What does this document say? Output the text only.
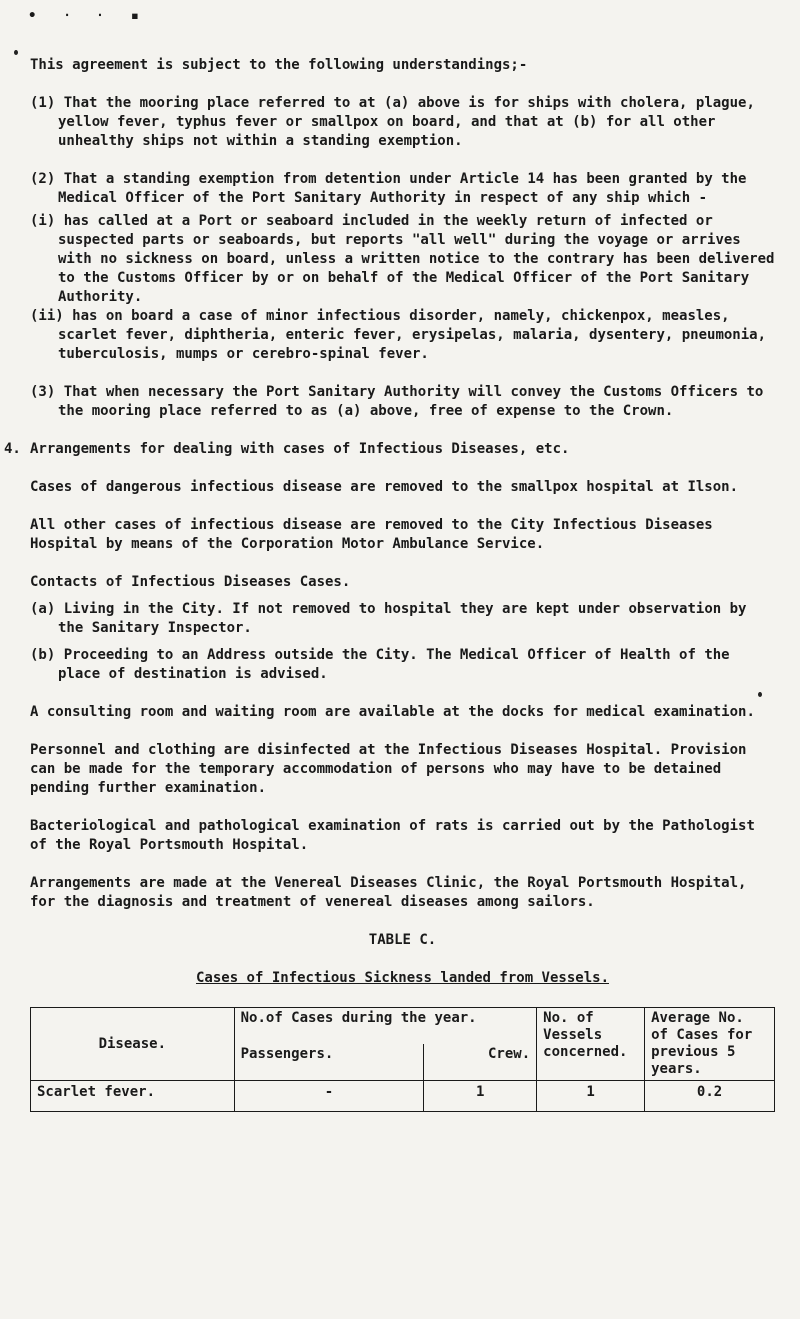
• ‧ ‧ ▪

This agreement is subject to the following understandings;-

(1) That the mooring place referred to at (a) above is for ships with cholera, plague, yellow fever, typhus fever or smallpox on board, and that at (b) for all other unhealthy ships not within a standing exemption.

(2) That a standing exemption from detention under Article 14 has been granted by the Medical Officer of the Port Sanitary Authority in respect of any ship which -

(i) has called at a Port or seaboard included in the weekly return of infected or suspected parts or seaboards, but reports "all well" during the voyage or arrives with no sickness on board, unless a written notice to the contrary has been delivered to the Customs Officer by or on behalf of the Medical Officer of the Port Sanitary Authority.

(ii) has on board a case of minor infectious disorder, namely, chickenpox, measles, scarlet fever, diphtheria, enteric fever, erysipelas, malaria, dysentery, pneumonia, tuberculosis, mumps or cerebro-spinal fever.

(3) That when necessary the Port Sanitary Authority will convey the Customs Officers to the mooring place referred to as (a) above, free of expense to the Crown.

4. Arrangements for dealing with cases of Infectious Diseases, etc.

Cases of dangerous infectious disease are removed to the smallpox hospital at Ilson.

All other cases of infectious disease are removed to the City Infectious Diseases Hospital by means of the Corporation Motor Ambulance Service.

Contacts of Infectious Diseases Cases.

(a) Living in the City. If not removed to hospital they are kept under observation by the Sanitary Inspector.

(b) Proceeding to an Address outside the City. The Medical Officer of Health of the place of destination is advised.

A consulting room and waiting room are available at the docks for medical examination.

Personnel and clothing are disinfected at the Infectious Diseases Hospital. Provision can be made for the temporary accommodation of persons who may have to be detained pending further examination.

Bacteriological and pathological examination of rats is carried out by the Pathologist of the Royal Portsmouth Hospital.

Arrangements are made at the Venereal Diseases Clinic, the Royal Portsmouth Hospital, for the diagnosis and treatment of venereal diseases among sailors.

TABLE C.

Cases of Infectious Sickness landed from Vessels.

Disease.	No.of Cases during the year.		No. of Vessels concerned.	Average No. of Cases for previous 5 years.
	Passengers.	Crew.		
Scarlet fever.	-	1	1	0.2
